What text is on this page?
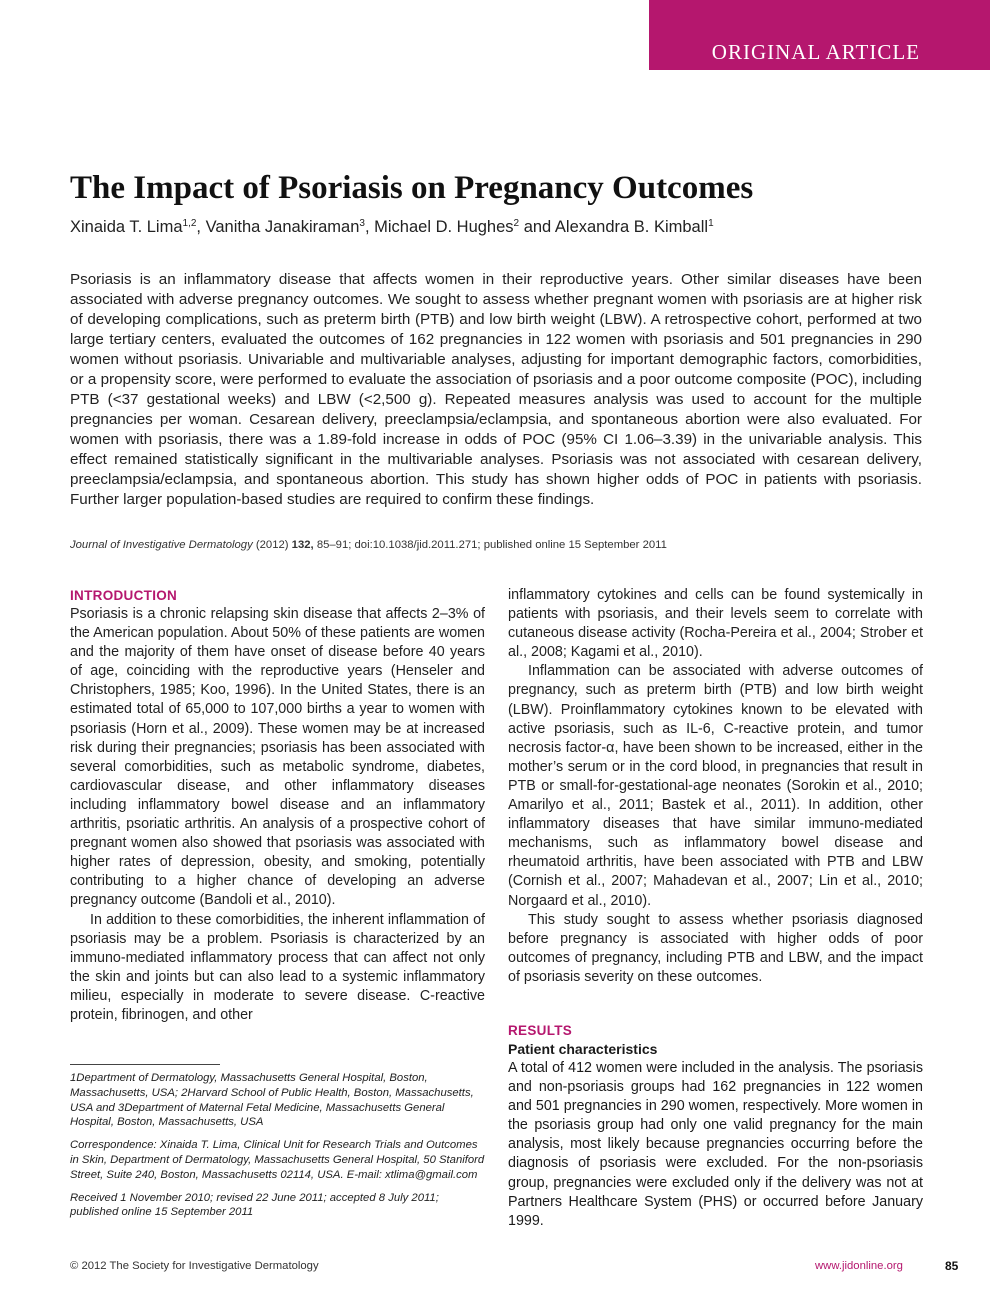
ORIGINAL ARTICLE
The Impact of Psoriasis on Pregnancy Outcomes
Xinaida T. Lima$^{1,2}$, Vanitha Janakiraman$^3$, Michael D. Hughes$^2$ and Alexandra B. Kimball$^1$

Psoriasis is an inflammatory disease that affects women in their reproductive years. Other similar diseases have been associated with adverse pregnancy outcomes. We sought to assess whether pregnant women with psoriasis are at higher risk of developing complications, such as preterm birth (PTB) and low birth weight (LBW). A retrospective cohort, performed at two large tertiary centers, evaluated the outcomes of 162 pregnancies in 122 women with psoriasis and 501 pregnancies in 290 women without psoriasis. Univariable and multivariable analyses, adjusting for important demographic factors, comorbidities, or a propensity score, were performed to evaluate the association of psoriasis and a poor outcome composite (POC), including PTB (<37 gestational weeks) and LBW (<2,500 g). Repeated measures analysis was used to account for the multiple pregnancies per woman. Cesarean delivery, preeclampsia/eclampsia, and spontaneous abortion were also evaluated. For women with psoriasis, there was a 1.89-fold increase in odds of POC (95% CI 1.06–3.39) in the univariable analysis. This effect remained statistically significant in the multivariable analyses. Psoriasis was not associated with cesarean delivery, preeclampsia/eclampsia, and spontaneous abortion. This study has shown higher odds of POC in patients with psoriasis. Further larger population-based studies are required to confirm these findings.

Journal of Investigative Dermatology (2012) 132, 85–91; doi:10.1038/jid.2011.271; published online 15 September 2011
INTRODUCTION

Psoriasis is a chronic relapsing skin disease that affects 2–3% of the American population. About 50% of these patients are women and the majority of them have onset of disease before 40 years of age, coinciding with the reproductive years (Henseler and Christophers, 1985; Koo, 1996). In the United States, there is an estimated total of 65,000 to 107,000 births a year to women with psoriasis (Horn et al., 2009). These women may be at increased risk during their pregnancies; psoriasis has been associated with several comorbidities, such as metabolic syndrome, diabetes, cardiovascular disease, and other inflammatory diseases including inflammatory bowel disease and an inflammatory arthritis, psoriatic arthritis. An analysis of a prospective cohort of pregnant women also showed that psoriasis was associated with higher rates of depression, obesity, and smoking, potentially contributing to a higher chance of developing an adverse pregnancy outcome (Bandoli et al., 2010).

In addition to these comorbidities, the inherent inflammation of psoriasis may be a problem. Psoriasis is characterized by an immuno-mediated inflammatory process that can affect not only the skin and joints but can also lead to a systemic inflammatory milieu, especially in moderate to severe disease. C-reactive protein, fibrinogen, and other

inflammatory cytokines and cells can be found systemically in patients with psoriasis, and their levels seem to correlate with cutaneous disease activity (Rocha-Pereira et al., 2004; Strober et al., 2008; Kagami et al., 2010).

Inflammation can be associated with adverse outcomes of pregnancy, such as preterm birth (PTB) and low birth weight (LBW). Proinflammatory cytokines known to be elevated with active psoriasis, such as IL-6, C-reactive protein, and tumor necrosis factor-α, have been shown to be increased, either in the mother’s serum or in the cord blood, in pregnancies that result in PTB or small-for-gestational-age neonates (Sorokin et al., 2010; Amarilyo et al., 2011; Bastek et al., 2011). In addition, other inflammatory diseases that have similar immuno-mediated mechanisms, such as inflammatory bowel disease and rheumatoid arthritis, have been associated with PTB and LBW (Cornish et al., 2007; Mahadevan et al., 2007; Lin et al., 2010; Norgaard et al., 2010).

This study sought to assess whether psoriasis diagnosed before pregnancy is associated with higher odds of poor outcomes of pregnancy, including PTB and LBW, and the impact of psoriasis severity on these outcomes.

RESULTS
Patient characteristics

A total of 412 women were included in the analysis. The psoriasis and non-psoriasis groups had 162 pregnancies in 122 women and 501 pregnancies in 290 women, respectively. More women in the psoriasis group had only one valid pregnancy for the main analysis, most likely because pregnancies occurring before the diagnosis of psoriasis were excluded. For the non-psoriasis group, pregnancies were excluded only if the delivery was not at Partners Healthcare System (PHS) or occurred before January 1999.

1Department of Dermatology, Massachusetts General Hospital, Boston, Massachusetts, USA; 2Harvard School of Public Health, Boston, Massachusetts, USA and 3Department of Maternal Fetal Medicine, Massachusetts General Hospital, Boston, Massachusetts, USA

Correspondence: Xinaida T. Lima, Clinical Unit for Research Trials and Outcomes in Skin, Department of Dermatology, Massachusetts General Hospital, 50 Staniford Street, Suite 240, Boston, Massachusetts 02114, USA. E-mail: xtlima@gmail.com

Received 1 November 2010; revised 22 June 2011; accepted 8 July 2011; published online 15 September 2011

© 2012 The Society for Investigative Dermatology	www.jidonline.org	85
